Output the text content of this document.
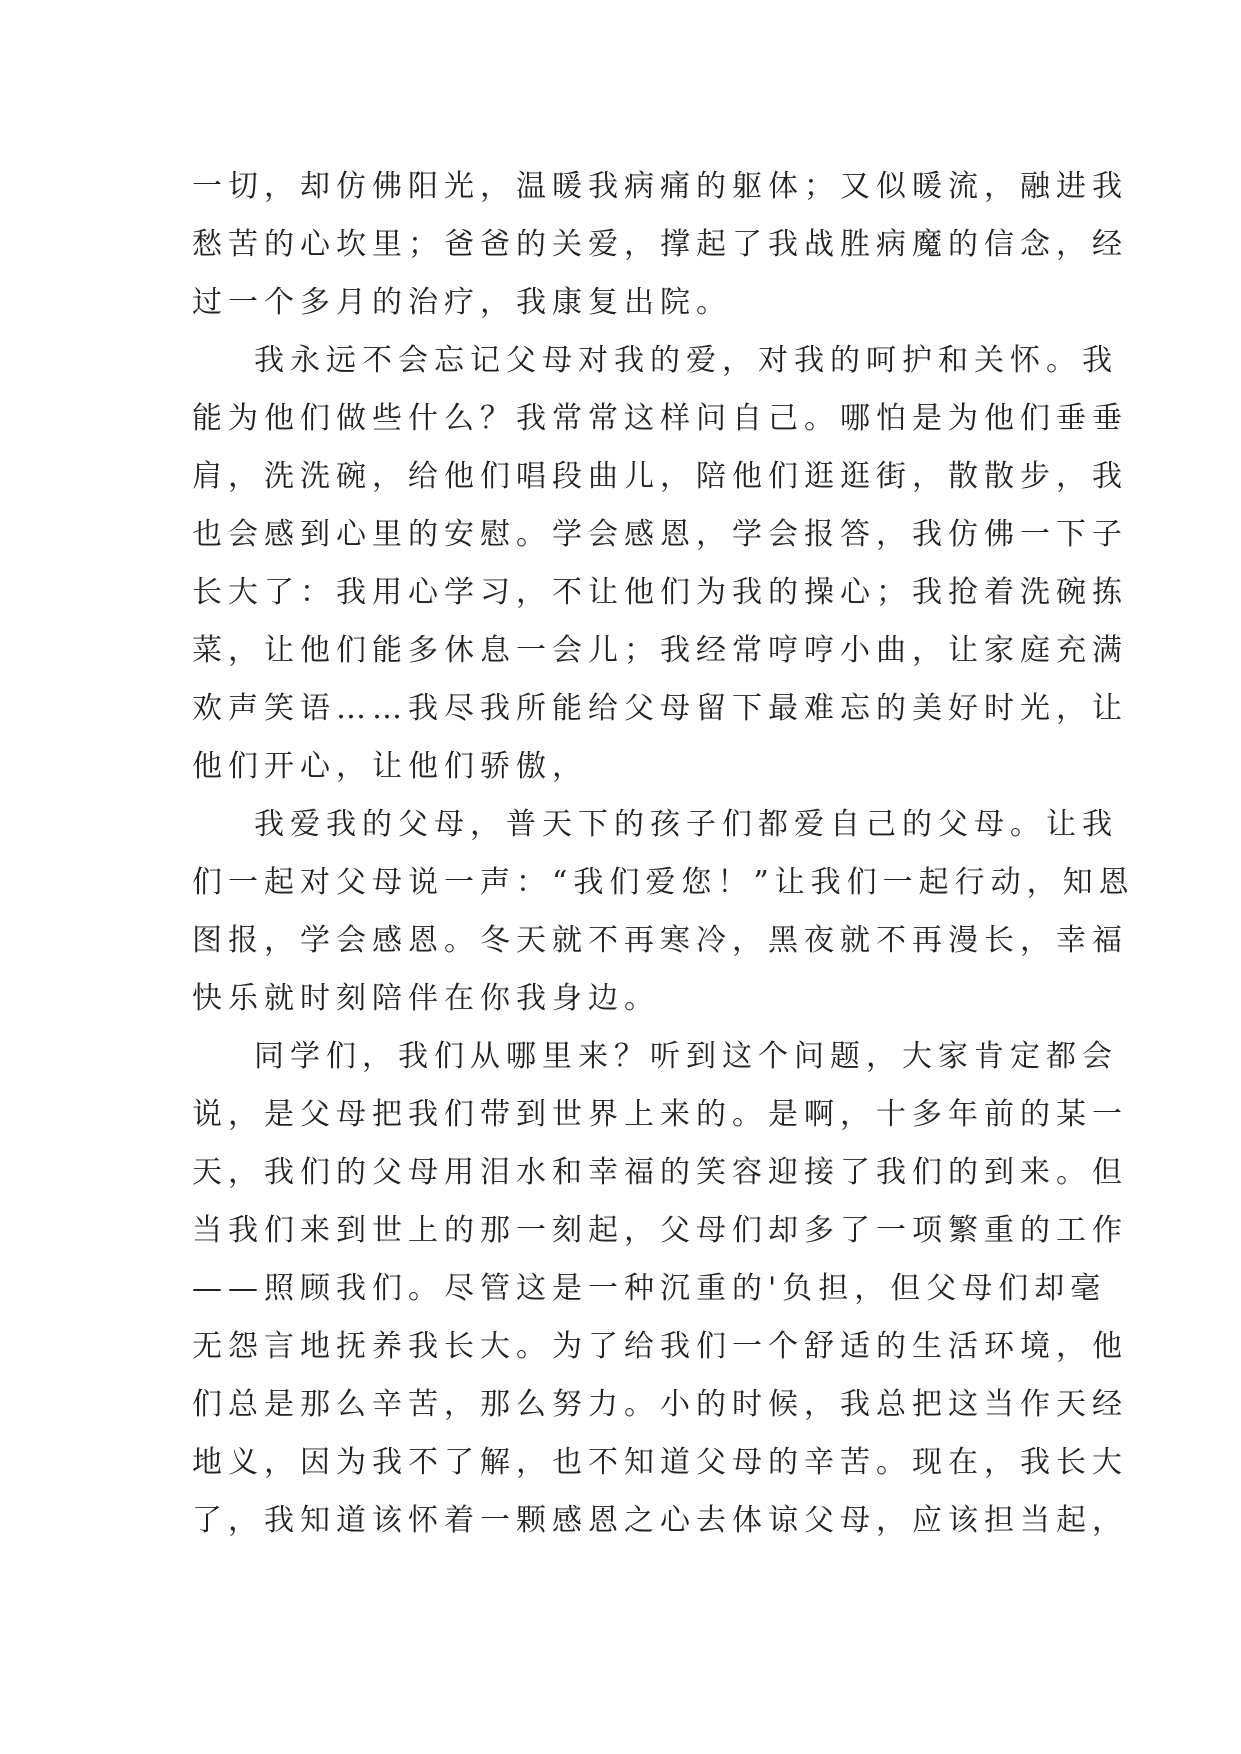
一切，却仿佛阳光，温暖我病痛的躯体；又似暖流，融进我
愁苦的心坎里；爸爸的关爱，撑起了我战胜病魔的信念，经
过一个多月的治疗，我康复出院。

我永远不会忘记父母对我的爱，对我的呵护和关怀。我
能为他们做些什么？我常常这样问自己。哪怕是为他们垂垂
肩，洗洗碗，给他们唱段曲儿，陪他们逛逛街，散散步，我
也会感到心里的安慰。学会感恩，学会报答，我仿佛一下子
长大了：我用心学习，不让他们为我的操心；我抢着洗碗拣
菜，让他们能多休息一会儿；我经常哼哼小曲，让家庭充满
欢声笑语……我尽我所能给父母留下最难忘的美好时光，让
他们开心，让他们骄傲，

我爱我的父母，普天下的孩子们都爱自己的父母。让我
们一起对父母说一声：“我们爱您！”让我们一起行动，知恩
图报，学会感恩。冬天就不再寒冷，黑夜就不再漫长，幸福
快乐就时刻陪伴在你我身边。

同学们，我们从哪里来？听到这个问题，大家肯定都会
说，是父母把我们带到世界上来的。是啊，十多年前的某一
天，我们的父母用泪水和幸福的笑容迎接了我们的到来。但
当我们来到世上的那一刻起，父母们却多了一项繁重的工作
——照顾我们。尽管这是一种沉重的'负担，但父母们却毫
无怨言地抚养我长大。为了给我们一个舒适的生活环境，他
们总是那么辛苦，那么努力。小的时候，我总把这当作天经
地义，因为我不了解，也不知道父母的辛苦。现在，我长大
了，我知道该怀着一颗感恩之心去体谅父母，应该担当起，
